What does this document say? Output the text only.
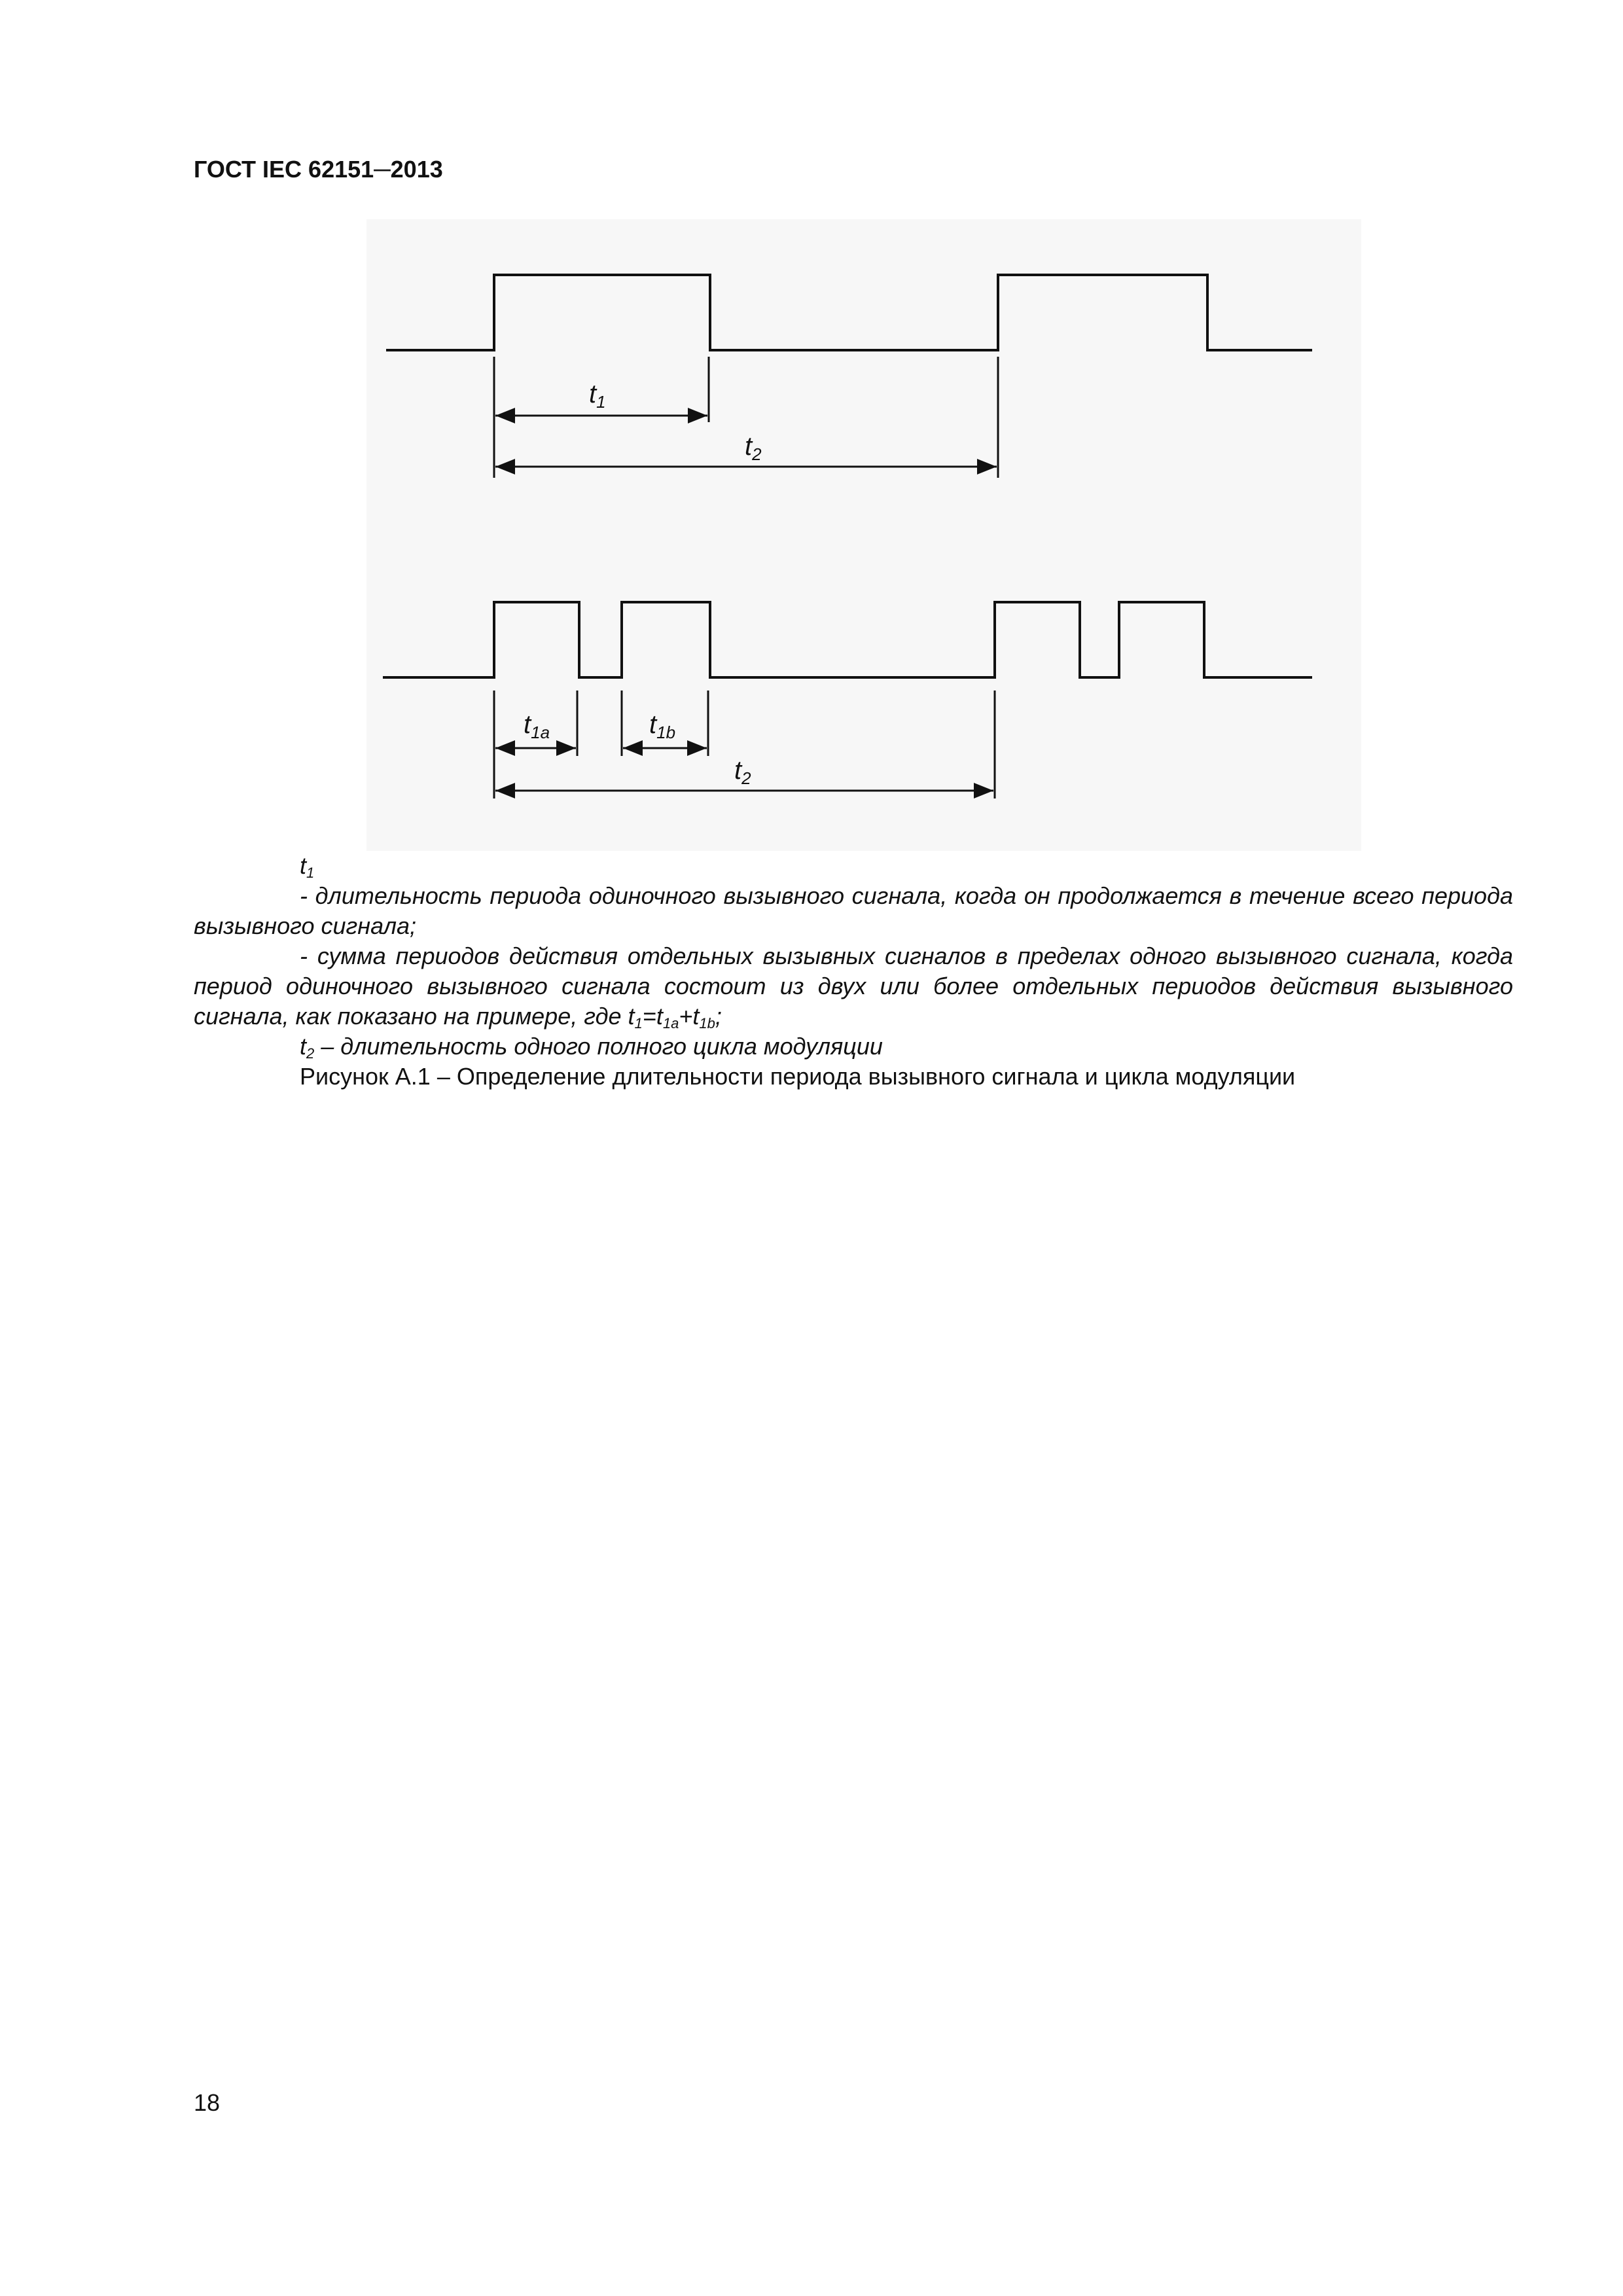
ГОСТ IEC 62151─2013
$t_1$
$t_2$
$t_{1a}$	$t_{1b}$
$t_2$

$t_1$

- длительность периода одиночного вызывного сигнала, когда он продолжается в течение всего периода вызывного сигнала;

- сумма периодов действия отдельных вызывных сигналов в пределах одного вызывного сигнала, когда период одиночного вызывного сигнала состоит из двух или более отдельных периодов действия вызывного сигнала, как показано на примере, где $t_1=t_{1a}+t_{1b}$;

$t_2$ – длительность одного полного цикла модуляции

Рисунок А.1 – Определение длительности периода вызывного сигнала и цикла модуляции

18
